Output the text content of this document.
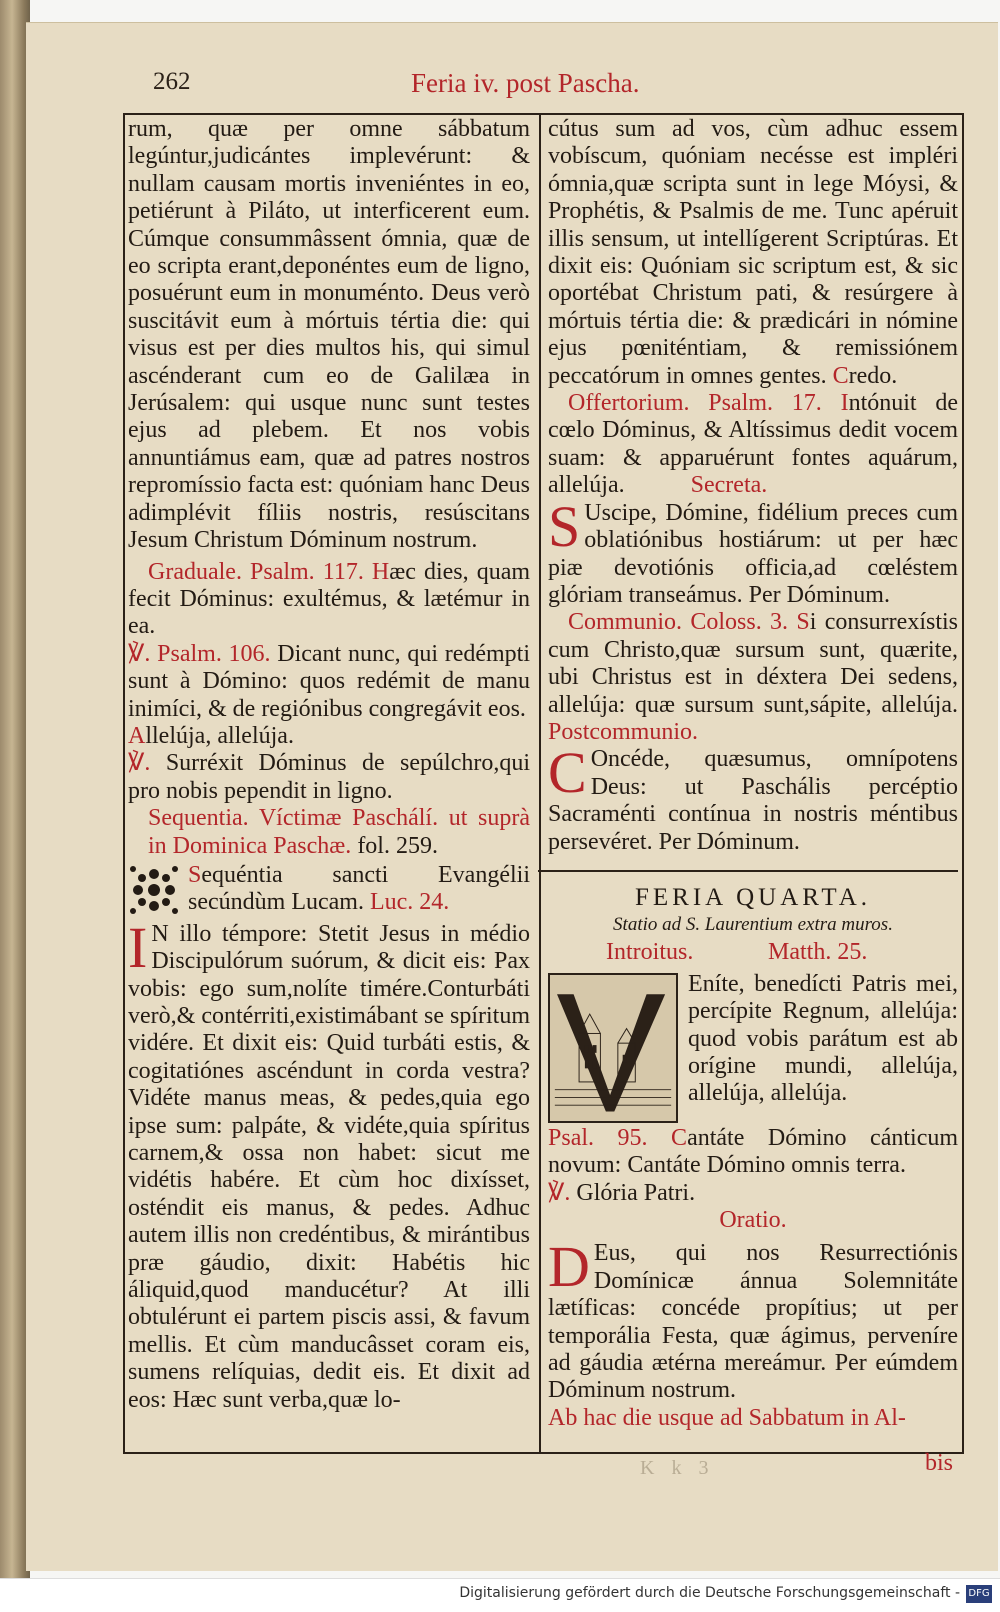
262	Feria iv. post Pascha.

rum, quæ per omne sábbatum legúntur,judicántes implevérunt: & nullam causam mortis inveniéntes in eo, petiérunt à Piláto, ut interficerent eum. Cúmque consummâssent ómnia, quæ de eo scripta erant,deponéntes eum de ligno, posuérunt eum in monuménto. Deus verò suscitávit eum à mórtuis tértia die: qui visus est per dies multos his, qui simul ascénderant cum eo de Galilæa in Jerúsalem: qui usque nunc sunt testes ejus ad plebem. Et nos vobis annuntiámus eam, quæ ad patres nostros repromíssio facta est: quóniam hanc Deus adimplévit fíliis nostris, resúscitans Jesum Christum Dóminum nostrum.

Graduale. Psalm. 117. Hæc dies, quam fecit Dóminus: exultémus, & lætémur in ea.

℣. Psalm. 106. Dicant nunc, qui redémpti sunt à Dómino: quos redémit de manu inimíci, & de regiónibus congregávit eos.

Allelúja, allelúja.

℣. Surréxit Dóminus de sepúlchro,qui pro nobis pependit in ligno.

Sequentia. Víctimæ Paschálí. ut suprà in Dominica Paschæ. fol. 259.

Sequéntia sancti Evangélii secúndùm Lucam. Luc. 24.

I N illo témpore: Stetit Jesus in médio Discipulórum suórum, & dicit eis: Pax vobis: ego sum,nolíte timére.Conturbáti verò,& contérriti,existimábant se spíritum vidére. Et dixit eis: Quid turbáti estis, & cogitatiónes ascéndunt in corda vestra? Vidéte manus meas, & pedes,quia ego ipse sum: palpáte, & vidéte,quia spíritus carnem,& ossa non habet: sicut me vidétis habére. Et cùm hoc dixísset, osténdit eis manus, & pedes. Adhuc autem illis non credéntibus, & mirántibus præ gáudio, dixit: Habétis hic áliquid,quod manducétur? At illi obtulérunt ei partem piscis assi, & favum mellis. Et cùm manducâsset coram eis, sumens relíquias, dedit eis. Et dixit ad eos: Hæc sunt verba,quæ lo-

cútus sum ad vos, cùm adhuc essem vobíscum, quóniam necésse est impléri ómnia,quæ scripta sunt in lege Móysi, & Prophétis, & Psalmis de me. Tunc apéruit illis sensum, ut intellígerent Scriptúras. Et dixit eis: Quóniam sic scriptum est, & sic oportébat Christum pati, & resúrgere à mórtuis tértia die: & prædicári in nómine ejus pœniténtiam, & remissiónem peccatórum in omnes gentes. Credo.

Offertorium. Psalm. 17. Intónuit de cœlo Dóminus, & Altíssimus dedit vocem suam: & apparuérunt fontes aquárum, allelúja.	Secreta.

S Uscipe, Dómine, fidélium preces cum oblatiónibus hostiárum: ut per hæc piæ devotiónis officia,ad cœléstem glóriam transeámus. Per Dóminum.

Communio. Coloss. 3. Si consurrexístis cum Christo,quæ sursum sunt, quærite, ubi Christus est in déxtera Dei sedens, allelúja: quæ sursum sunt,sápite, allelúja. Postcommunio.

C Oncéde, quæsumus, omnípotens Deus: ut Paschális percéptio Sacraménti contínua in nostris méntibus persevéret. Per Dóminum.

FERIA QUARTA.
Statio ad S. Laurentium extra muros.
Introitus.	Matth. 25.

Eníte, benedícti Patris mei, percípite Regnum, allelúja: quod vobis parátum est ab orígine mundi, allelúja, allelúja, allelúja.

Psal. 95. Cantáte Dómino cánticum novum: Cantáte Dómino omnis terra.

℣. Glória Patri.

Oratio.

D Eus, qui nos Resurrectiónis Domínicæ ánnua Solemnitáte lætíficas: concéde propítius; ut per temporália Festa, quæ ágimus, perveníre ad gáudia ætérna mereámur. Per eúmdem Dóminum nostrum.

Ab hac die usque ad Sabbatum in Al-

K k 3	bis
Digitalisierung gefördert durch die Deutsche Forschungsgemeinschaft - DFG
